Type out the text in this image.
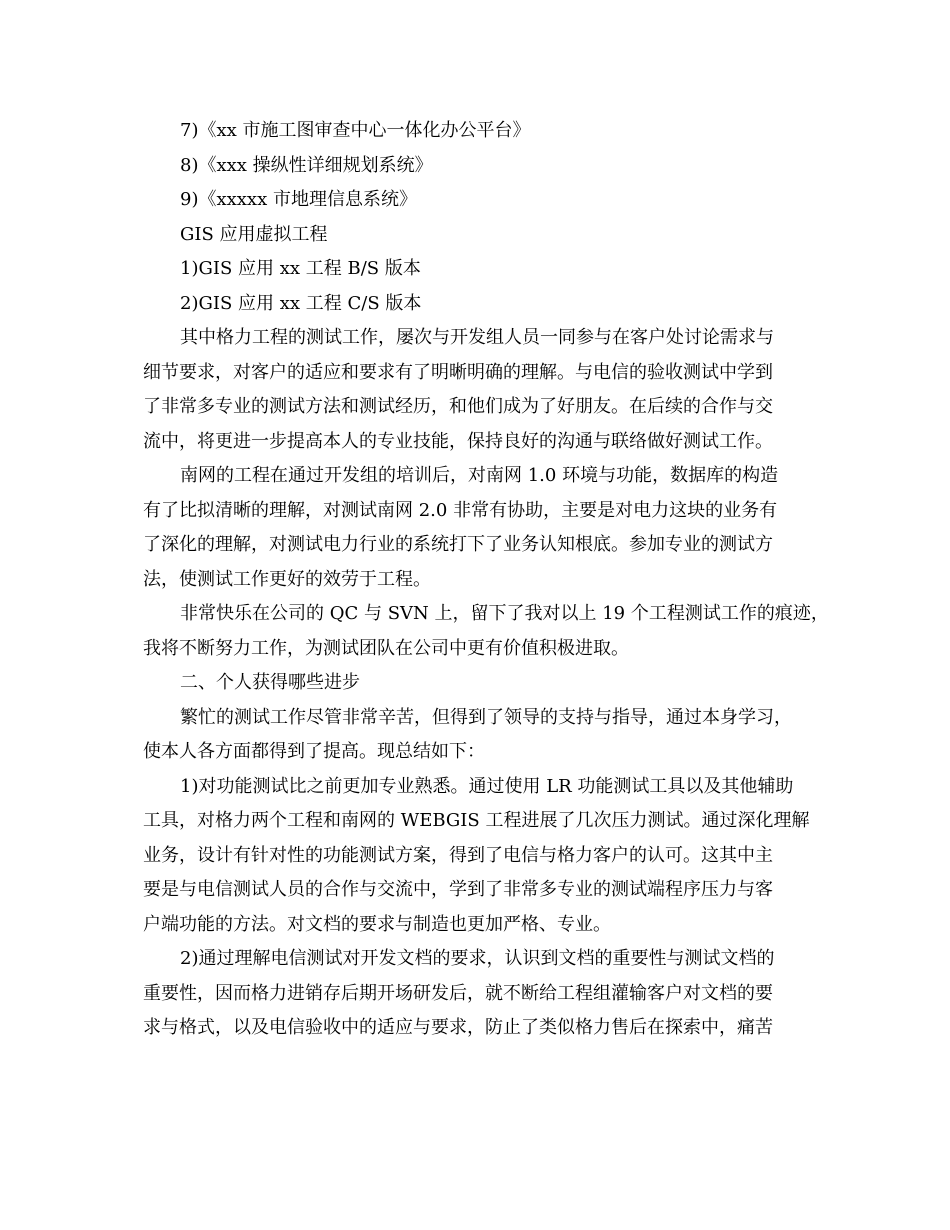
7)《xx 市施工图审查中心一体化办公平台》
8)《xxx 操纵性详细规划系统》
9)《xxxxx 市地理信息系统》
GIS 应用虚拟工程
1)GIS 应用 xx 工程 B/S 版本
2)GIS 应用 xx 工程 C/S 版本
其中格力工程的测试工作，屡次与开发组人员一同参与在客户处讨论需求与
细节要求，对客户的适应和要求有了明晰明确的理解。与电信的验收测试中学到
了非常多专业的测试方法和测试经历，和他们成为了好朋友。在后续的合作与交
流中，将更进一步提高本人的专业技能，保持良好的沟通与联络做好测试工作。
南网的工程在通过开发组的培训后，对南网 1.0 环境与功能，数据库的构造
有了比拟清晰的理解，对测试南网 2.0 非常有协助，主要是对电力这块的业务有
了深化的理解，对测试电力行业的系统打下了业务认知根底。参加专业的测试方
法，使测试工作更好的效劳于工程。
非常快乐在公司的 QC 与 SVN 上，留下了我对以上 19 个工程测试工作的痕迹，
我将不断努力工作，为测试团队在公司中更有价值积极进取。
二、个人获得哪些进步
繁忙的测试工作尽管非常辛苦，但得到了领导的支持与指导，通过本身学习，
使本人各方面都得到了提高。现总结如下：
1)对功能测试比之前更加专业熟悉。通过使用 LR 功能测试工具以及其他辅助
工具，对格力两个工程和南网的 WEBGIS 工程进展了几次压力测试。通过深化理解
业务，设计有针对性的功能测试方案，得到了电信与格力客户的认可。这其中主
要是与电信测试人员的合作与交流中，学到了非常多专业的测试端程序压力与客
户端功能的方法。对文档的要求与制造也更加严格、专业。
2)通过理解电信测试对开发文档的要求，认识到文档的重要性与测试文档的
重要性，因而格力进销存后期开场研发后，就不断给工程组灌输客户对文档的要
求与格式，以及电信验收中的适应与要求，防止了类似格力售后在探索中，痛苦
